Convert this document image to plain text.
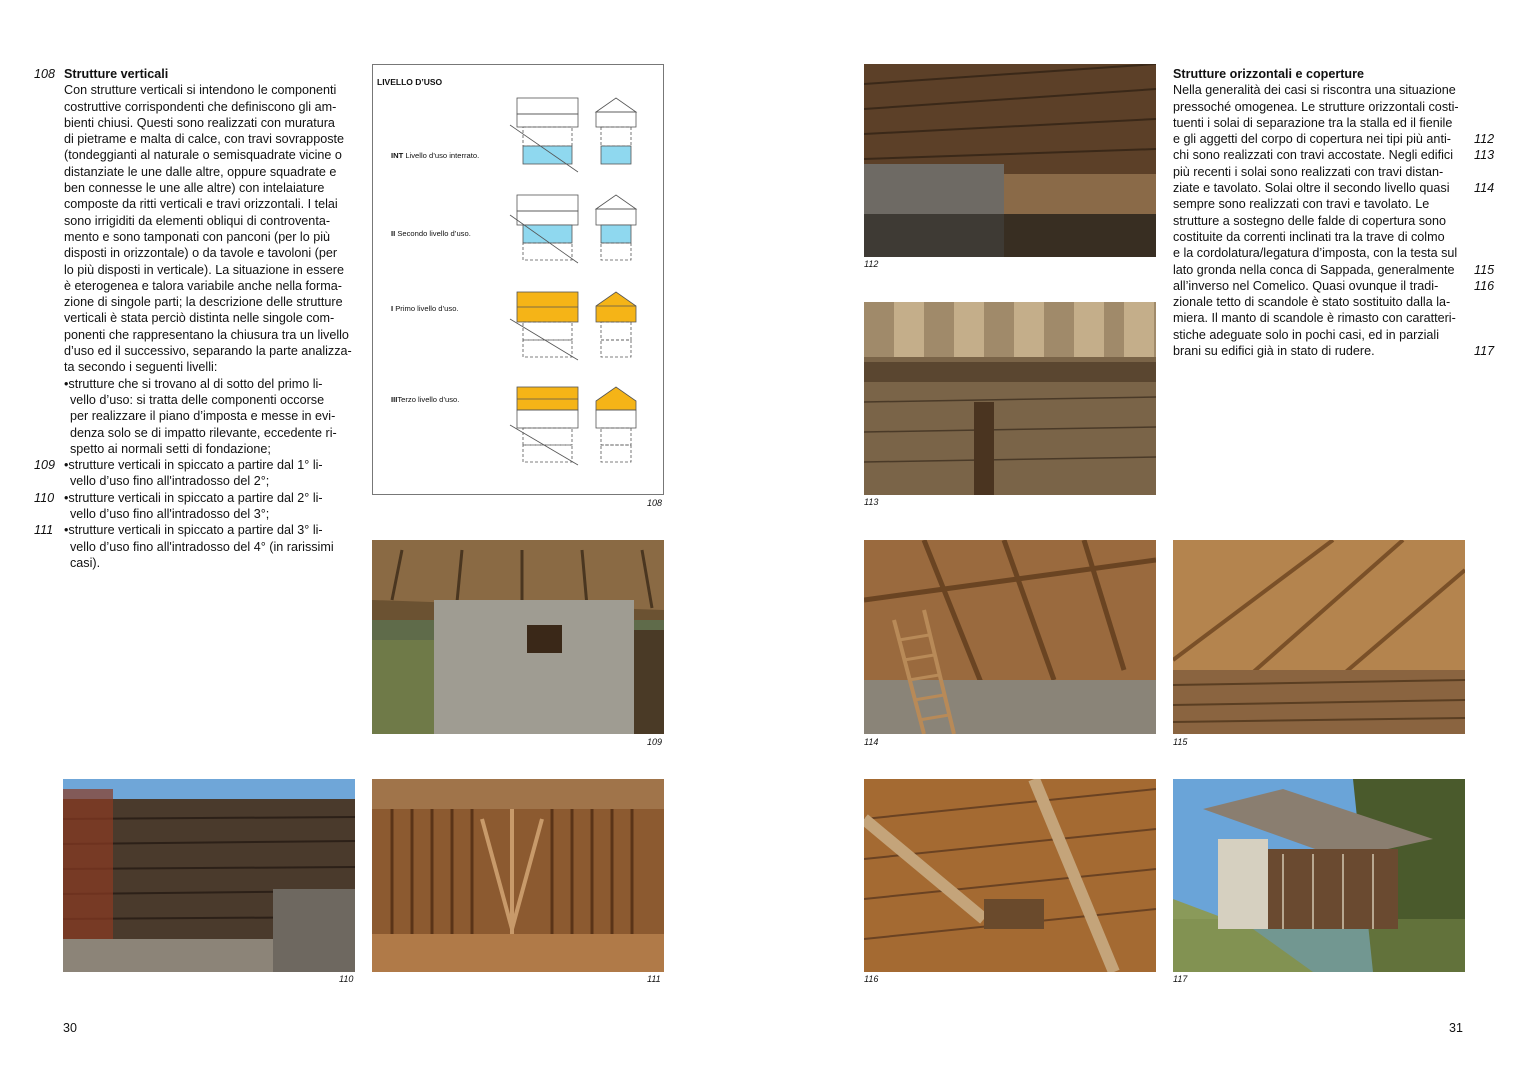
108 Strutture verticali
Con strutture verticali si intendono le componenti
costruttive corrispondenti che definiscono gli am-
bienti chiusi. Questi sono realizzati con muratura
di pietrame e malta di calce, con travi sovrapposte
(tondeggianti al naturale o semisquadrate vicine o
distanziate le une dalle altre, oppure squadrate e
ben connesse le une alle altre) con intelaiature
composte da ritti verticali e travi orizzontali. I telai
sono irrigiditi da elementi obliqui di controventa-
mento e sono tamponati con panconi (per lo più
disposti in orizzontale) o da tavole e tavoloni (per
lo più disposti in verticale). La situazione in essere
è eterogenea e talora variabile anche nella forma-
zione di singole parti; la descrizione delle strutture
verticali è stata perciò distinta nelle singole com-
ponenti che rappresentano la chiusura tra un livello
d’uso ed il successivo, separando la parte analizza-
ta secondo i seguenti livelli:
•strutture che si trovano al di sotto del primo li-
vello d’uso: si tratta delle componenti occorse
per realizzare il piano d’imposta e messe in evi-
denza solo se di impatto rilevante, eccedente ri-
spetto ai normali setti di fondazione;
109 •strutture verticali in spiccato a partire dal 1° li-
vello d’uso fino all'intradosso del 2°;
110 •strutture verticali in spiccato a partire dal 2° li-
vello d’uso fino all'intradosso del 3°;
111 •strutture verticali in spiccato a partire dal 3° li-
vello d’uso fino all'intradosso del 4° (in rarissimi
casi).
LIVELLO D’USO
INT Livello d’uso interrato.
II Secondo livello d’uso.
I Primo livello d’uso.
IIITerzo livello d’uso.
108
109
110	111
112
113
114	115
116	117
Strutture orizzontali e coperture
Nella generalità dei casi si riscontra una situazione
pressoché omogenea. Le strutture orizzontali costi-
tuenti i solai di separazione tra la stalla ed il fienile
e gli aggetti del corpo di copertura nei tipi più anti- 112
chi sono realizzati con travi accostate. Negli edifici 113
più recenti i solai sono realizzati con travi distan-
ziate e tavolato. Solai oltre il secondo livello quasi 114
sempre sono realizzati con travi e tavolato. Le
strutture a sostegno delle falde di copertura sono
costituite da correnti inclinati tra la trave di colmo
e la cordolatura/legatura d’imposta, con la testa sul
lato gronda nella conca di Sappada, generalmente 115
all’inverso nel Comelico. Quasi ovunque il tradi-	116
zionale tetto di scandole è stato sostituito dalla la-
miera. Il manto di scandole è rimasto con caratteri-
stiche adeguate solo in pochi casi, ed in parziali
brani su edifici già in stato di rudere.	117
30	31
